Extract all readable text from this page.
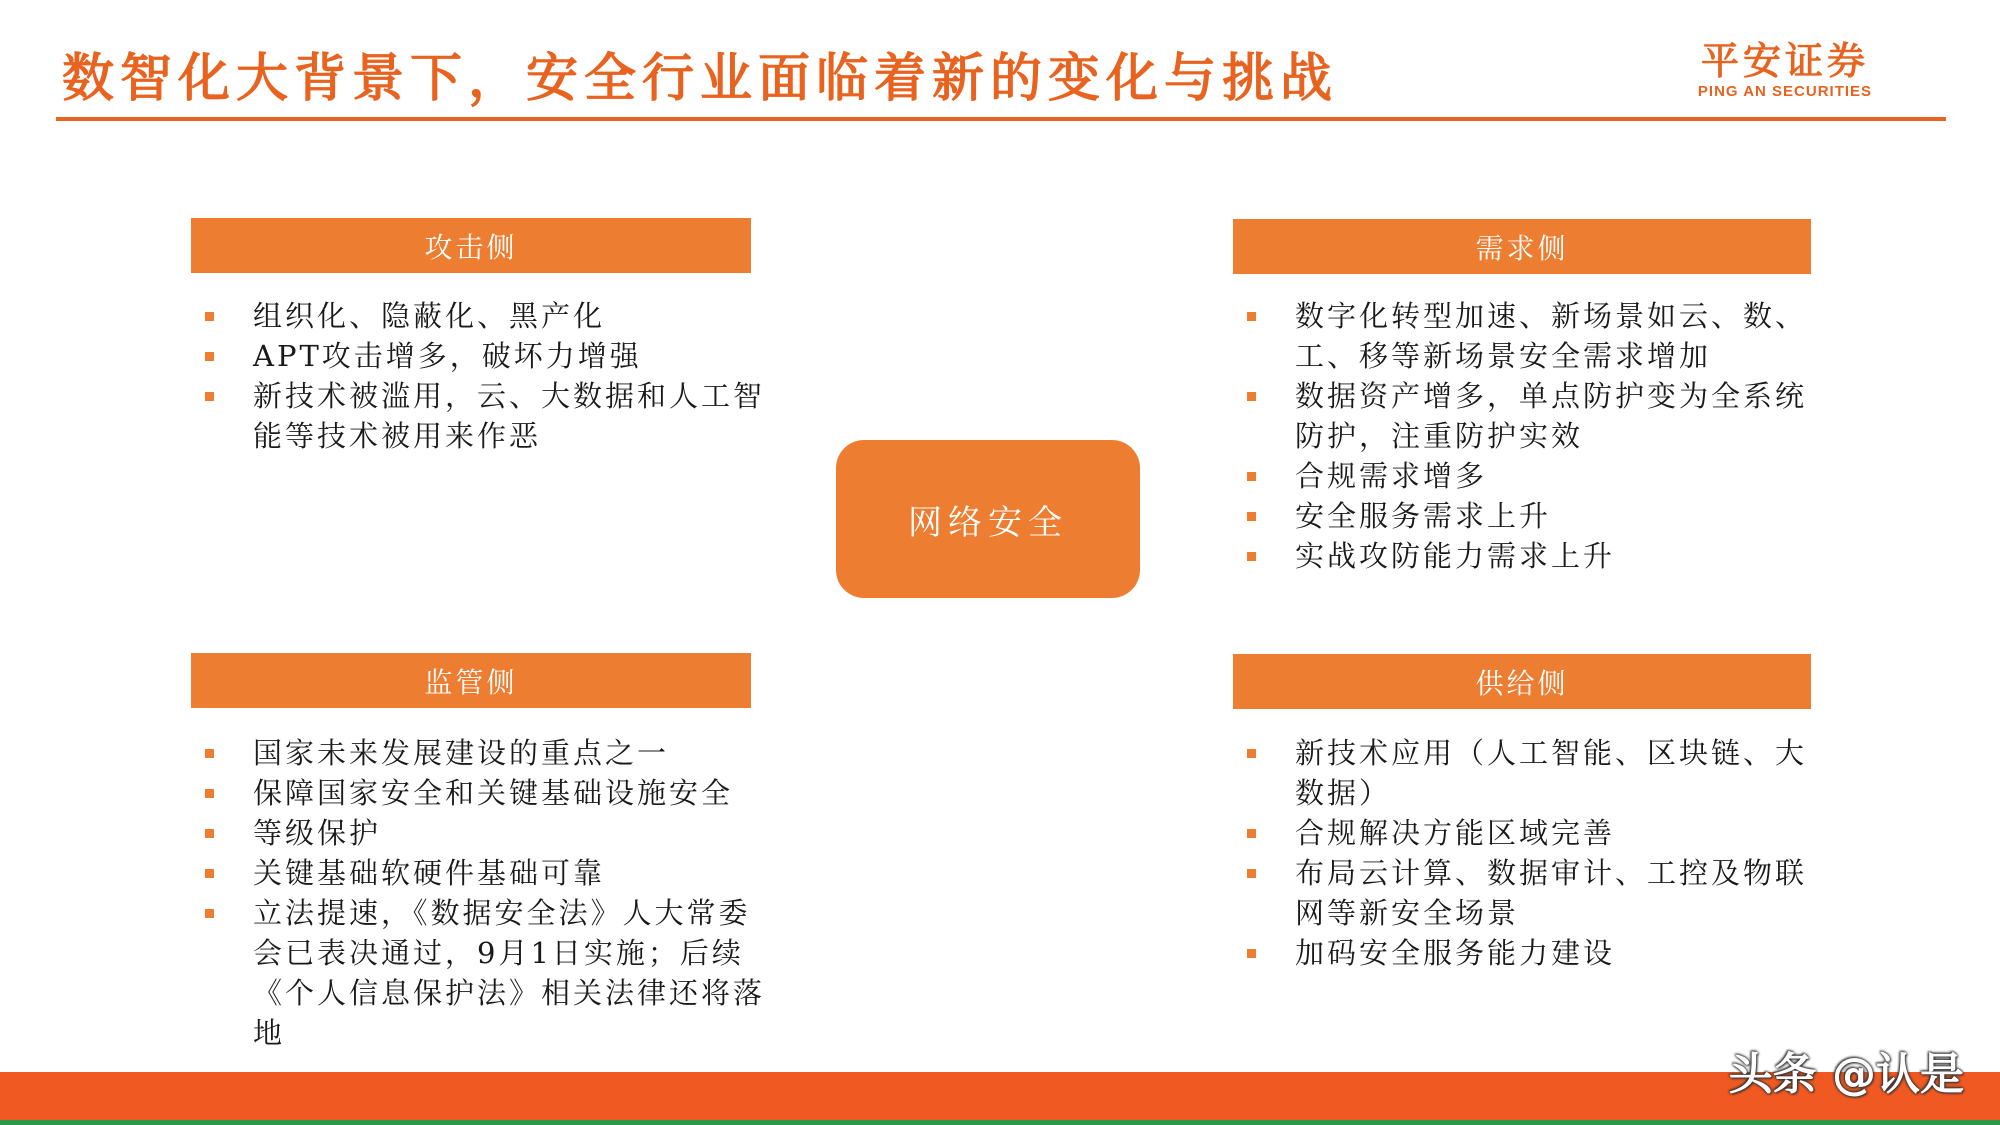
数智化大背景下，安全行业面临着新的变化与挑战	平安证券
PING AN SECURITIES
攻击侧
组织化、隐蔽化、黑产化
APT攻击增多，破坏力增强
新技术被滥用，云、大数据和人工智能等技术被用来作恶
需求侧
数字化转型加速、新场景如云、数、工、移等新场景安全需求增加
数据资产增多，单点防护变为全系统防护，注重防护实效
合规需求增多
安全服务需求上升
实战攻防能力需求上升
网络安全
监管侧
国家未来发展建设的重点之一
保障国家安全和关键基础设施安全
等级保护
关键基础软硬件基础可靠
立法提速，《数据安全法》人大常委会已表决通过，9月1日实施；后续《个人信息保护法》相关法律还将落地
供给侧
新技术应用（人工智能、区块链、大数据）
合规解决方能区域完善
布局云计算、数据审计、工控及物联网等新安全场景
加码安全服务能力建设
头条 @认是
